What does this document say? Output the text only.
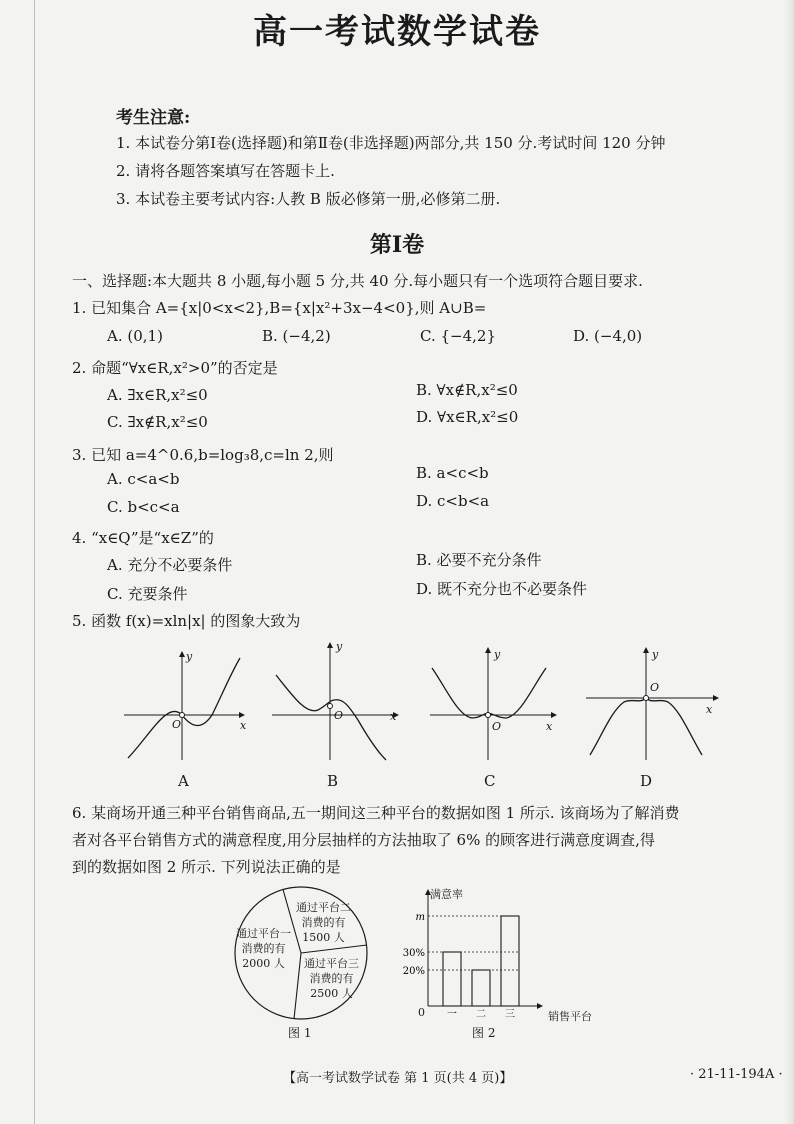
高一考试数学试卷
考生注意:
1. 本试卷分第Ⅰ卷(选择题)和第Ⅱ卷(非选择题)两部分,共 150 分.考试时间 120 分钟
2. 请将各题答案填写在答题卡上.
3. 本试卷主要考试内容:人教 B 版必修第一册,必修第二册.
第Ⅰ卷
一、选择题:本大题共 8 小题,每小题 5 分,共 40 分.每小题只有一个选项符合题目要求.
1. 已知集合 A={x|0<x<2},B={x|x²+3x−4<0},则 A∪B=
A. (0,1)	B. (−4,2)	C. {−4,2}	D. (−4,0)
2. 命题“∀x∈R,x²>0”的否定是
A. ∃x∈R,x²≤0	B. ∀x∉R,x²≤0
C. ∃x∉R,x²≤0	D. ∀x∈R,x²≤0
3. 已知 a=4^0.6,b=log₃8,c=ln 2,则
A. c<a<b	B. a<c<b
C. b<c<a	D. c<b<a
4. “x∈Q”是“x∈Z”的
A. 充分不必要条件	B. 必要不充分条件
C. 充要条件	D. 既不充分也不必要条件
5. 函数 f(x)=xln|x| 的图象大致为
y
x
O
y
x
O
y
x
O
y
x
O
A	B	C	D
6. 某商场开通三种平台销售商品,五一期间这三种平台的数据如图 1 所示. 该商场为了解消费
者对各平台销售方式的满意程度,用分层抽样的方法抽取了 6% 的顾客进行满意度调查,得
到的数据如图 2 所示. 下列说法正确的是
通过平台一
消费的有
2000 人
通过平台二
消费的有
1500 人
通过平台三
消费的有
2500 人
图 1
20%
30%
m
一 二 三
满意率
销售平台
0
图 2
【高一考试数学试卷 第 1 页(共 4 页)】	· 21-11-194A ·
